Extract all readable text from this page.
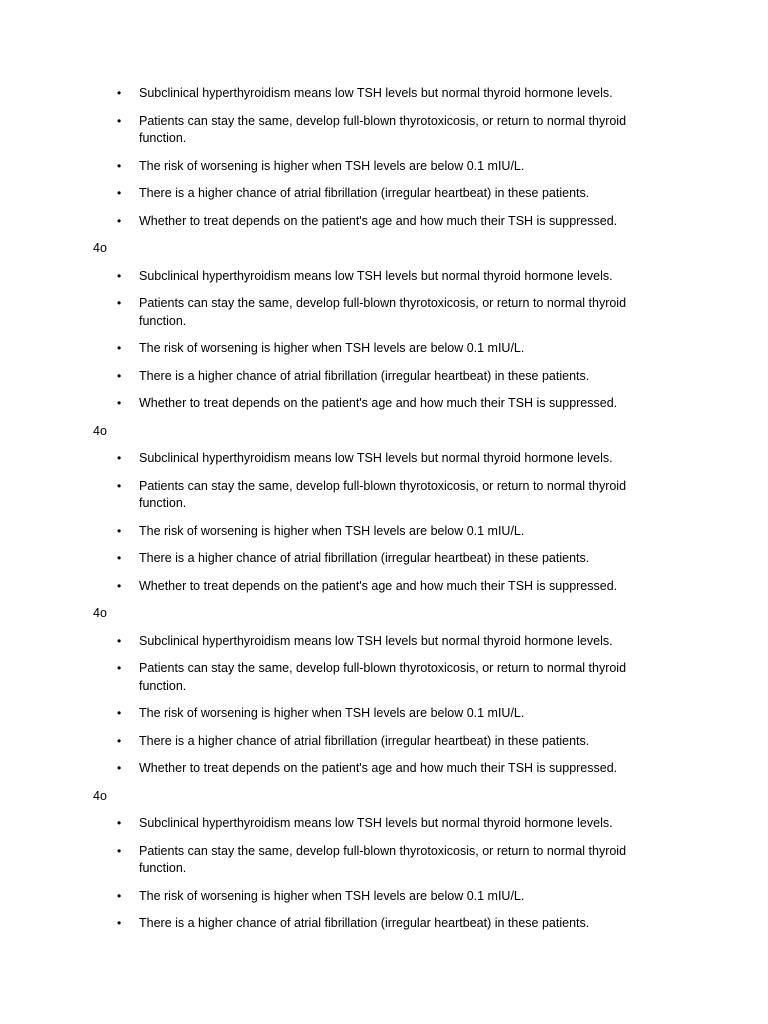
• Subclinical hyperthyroidism means low TSH levels but normal thyroid hormone levels.
• Patients can stay the same, develop full-blown thyrotoxicosis, or return to normal thyroid function.
• The risk of worsening is higher when TSH levels are below 0.1 mIU/L.
• There is a higher chance of atrial fibrillation (irregular heartbeat) in these patients.
• Whether to treat depends on the patient's age and how much their TSH is suppressed.

4o

• Subclinical hyperthyroidism means low TSH levels but normal thyroid hormone levels.
• Patients can stay the same, develop full-blown thyrotoxicosis, or return to normal thyroid function.
• The risk of worsening is higher when TSH levels are below 0.1 mIU/L.
• There is a higher chance of atrial fibrillation (irregular heartbeat) in these patients.
• Whether to treat depends on the patient's age and how much their TSH is suppressed.

4o

• Subclinical hyperthyroidism means low TSH levels but normal thyroid hormone levels.
• Patients can stay the same, develop full-blown thyrotoxicosis, or return to normal thyroid function.
• The risk of worsening is higher when TSH levels are below 0.1 mIU/L.
• There is a higher chance of atrial fibrillation (irregular heartbeat) in these patients.
• Whether to treat depends on the patient's age and how much their TSH is suppressed.

4o

• Subclinical hyperthyroidism means low TSH levels but normal thyroid hormone levels.
• Patients can stay the same, develop full-blown thyrotoxicosis, or return to normal thyroid function.
• The risk of worsening is higher when TSH levels are below 0.1 mIU/L.
• There is a higher chance of atrial fibrillation (irregular heartbeat) in these patients.
• Whether to treat depends on the patient's age and how much their TSH is suppressed.

4o

• Subclinical hyperthyroidism means low TSH levels but normal thyroid hormone levels.
• Patients can stay the same, develop full-blown thyrotoxicosis, or return to normal thyroid function.
• The risk of worsening is higher when TSH levels are below 0.1 mIU/L.
• There is a higher chance of atrial fibrillation (irregular heartbeat) in these patients.
